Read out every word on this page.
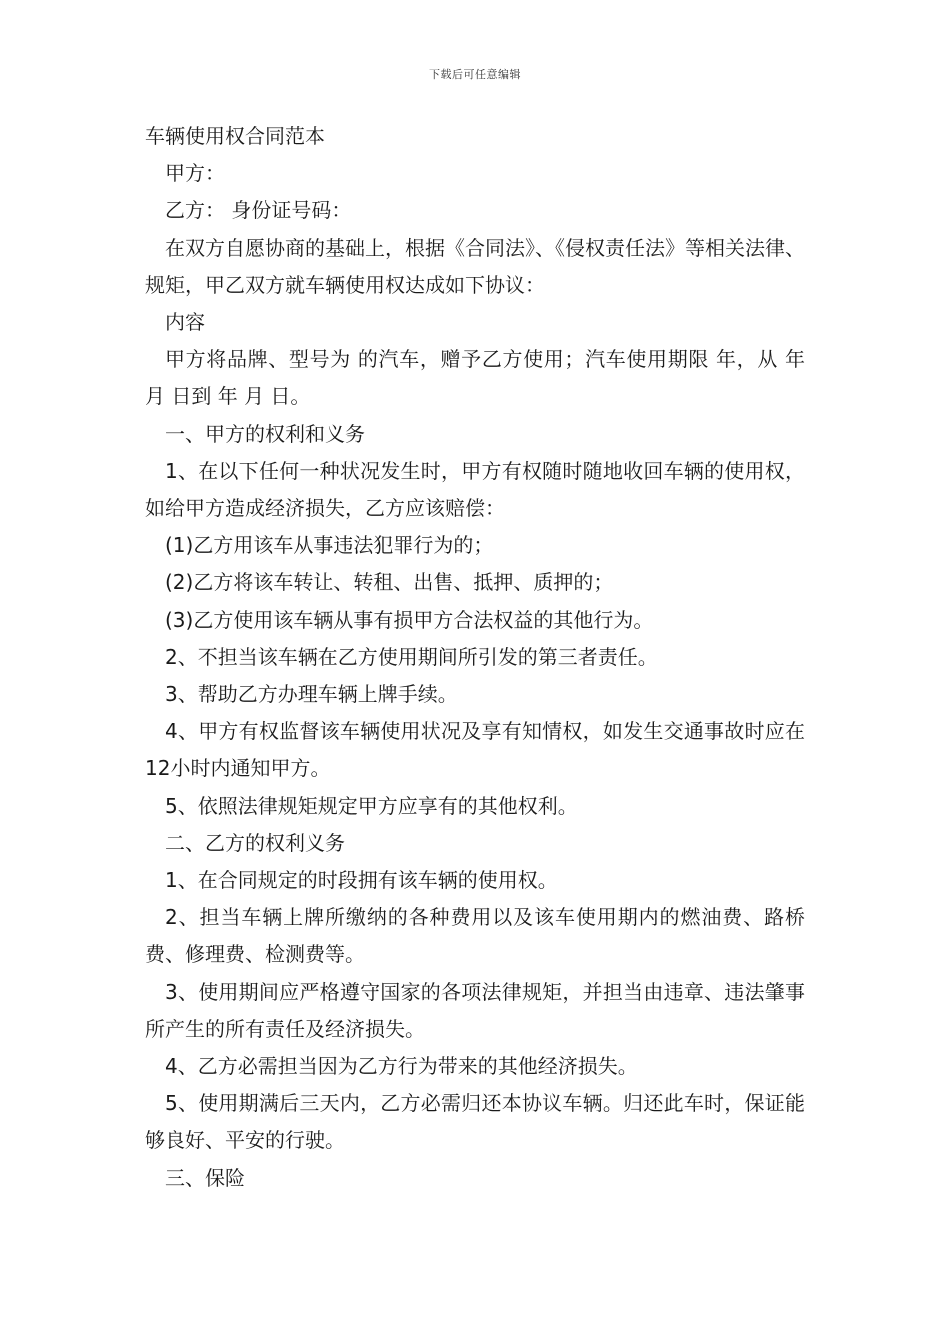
下载后可任意编辑

车辆使用权合同范本

甲方：

乙方： 身份证号码：

在双方自愿协商的基础上，根据《合同法》、《侵权责任法》等相关法律、规矩，甲乙双方就车辆使用权达成如下协议：

内容

甲方将品牌、型号为 的汽车，赠予乙方使用；汽车使用期限 年，从 年 月 日到 年 月 日。

一、甲方的权利和义务

1、在以下任何一种状况发生时，甲方有权随时随地收回车辆的使用权，如给甲方造成经济损失，乙方应该赔偿：

(1)乙方用该车从事违法犯罪行为的；

(2)乙方将该车转让、转租、出售、抵押、质押的；

(3)乙方使用该车辆从事有损甲方合法权益的其他行为。

2、不担当该车辆在乙方使用期间所引发的第三者责任。

3、帮助乙方办理车辆上牌手续。

4、甲方有权监督该车辆使用状况及享有知情权，如发生交通事故时应在12小时内通知甲方。

5、依照法律规矩规定甲方应享有的其他权利。

二、乙方的权利义务

1、在合同规定的时段拥有该车辆的使用权。

2、担当车辆上牌所缴纳的各种费用以及该车使用期内的燃油费、路桥费、修理费、检测费等。

3、使用期间应严格遵守国家的各项法律规矩，并担当由违章、违法肇事所产生的所有责任及经济损失。

4、乙方必需担当因为乙方行为带来的其他经济损失。

5、使用期满后三天内，乙方必需归还本协议车辆。归还此车时，保证能够良好、平安的行驶。

三、保险
